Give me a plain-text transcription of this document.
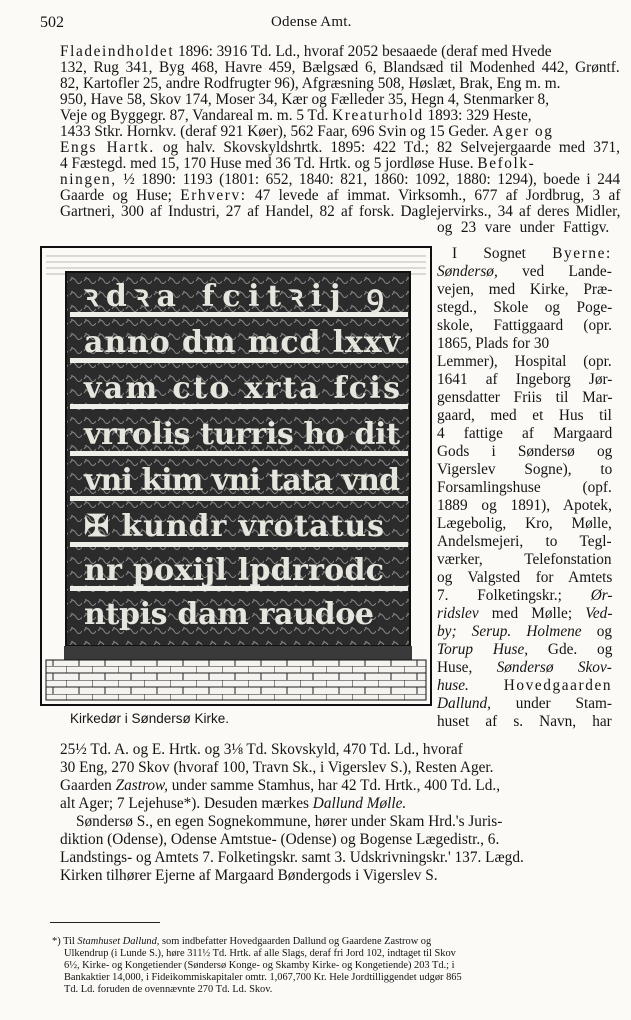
502	Odense Amt.
Fladeindholdet 1896: 3916 Td. Ld., hvoraf 2052 besaaede (deraf med Hvede
132, Rug 341, Byg 468, Havre 459, Bælgsæd 6, Blandsæd til Modenhed 442, Grøntf.
82, Kartofler 25, andre Rodfrugter 96), Afgræsning 508, Høslæt, Brak, Eng m. m.
950, Have 58, Skov 174, Moser 34, Kær og Fælleder 35, Hegn 4, Stenmarker 8,
Veje og Byggegr. 87, Vandareal m. m. 5 Td. Kreaturhold 1893: 329 Heste,
1433 Stkr. Hornkv. (deraf 921 Køer), 562 Faar, 696 Svin og 15 Geder. Ager og
Engs Hartk. og halv. Skovskyldshrtk. 1895: 422 Td.; 82 Selvejergaarde med 371,
4 Fæstegd. med 15, 170 Huse med 36 Td. Hrtk. og 5 jordløse Huse. Befolk-
ningen, ½ 1890: 1193 (1801: 652, 1840: 821, 1860: 1092, 1880: 1294), boede i 244
Gaarde og Huse; Erhverv: 47 levede af immat. Virksomh., 677 af Jordbrug, 3 af
Gartneri, 300 af Industri, 27 af Handel, 82 af forsk. Daglejervirks., 34 af deres Midler,
og 23 vare under Fattigv.
I Sognet Byerne:
Søndersø, ved Lande-
vejen, med Kirke, Præ-
stegd., Skole og Poge-
skole, Fattiggaard (opr.
1865, Plads for 30
Lemmer), Hospital (opr.
1641 af Ingeborg Jør-
gensdatter Friis til Mar-
gaard, med et Hus til
4 fattige af Margaard
Gods i Søndersø og
Vigerslev Sogne), to
Forsamlingshuse (opf.
1889 og 1891), Apotek,
Lægebolig, Kro, Mølle,
Andelsmejeri, to Tegl-
værker, Telefonstation
og Valgsted for Amtets
7. Folketingskr.; Ør-
ridslev med Mølle; Ved-
by; Serup. Holmene og
Torup Huse, Gde. og
Huse, Søndersø Skov-
huse. Hovedgaarden
Dallund, under Stam-
huset af s. Navn, har
25½ Td. A. og E. Hrtk. og 3⅛ Td. Skovskyld, 470 Td. Ld., hvoraf
30 Eng, 270 Skov (hvoraf 100, Travn Sk., i Vigerslev S.), Resten Ager.
Gaarden Zastrow, under samme Stamhus, har 42 Td. Hrtk., 400 Td. Ld.,
alt Ager; 7 Lejehuse*). Desuden mærkes Dallund Mølle.
Søndersø S., en egen Sognekommune, hører under Skam Hrd.'s Juris-
diktion (Odense), Odense Amtstue- (Odense) og Bogense Lægedistr., 6.
Landstings- og Amtets 7. Folketingskr. samt 3. Udskrivningskr.' 137. Lægd.
Kirken tilhører Ejerne af Margaard Bøndergods i Vigerslev S.
ꝛdꝛa fcitꝛij ꝯ
anno dm mcd lxxv
vam cto xrta fcis
vrrolis turris ho dit
vni kim vni tata vnd
✠ kundr vrotatus
nr poxijl lpdrrodc
ntpis dam raudoe
Kirkedør i Søndersø Kirke.
*) Til Stamhuset Dallund, som indbefatter Hovedgaarden Dallund og Gaardene Zastrow og
Ulkendrup (i Lunde S.), høre 311½ Td. Hrtk. af alle Slags, deraf fri Jord 102, indtaget til Skov
6½, Kirke- og Kongetiender (Søndersø Konge- og Skamby Kirke- og Kongetiende) 203 Td.; i
Bankaktier 14,000, i Fideikommiskapitaler omtr. 1,067,700 Kr. Hele Jordtilliggendet udgør 865
Td. Ld. foruden de ovennævnte 270 Td. Ld. Skov.
